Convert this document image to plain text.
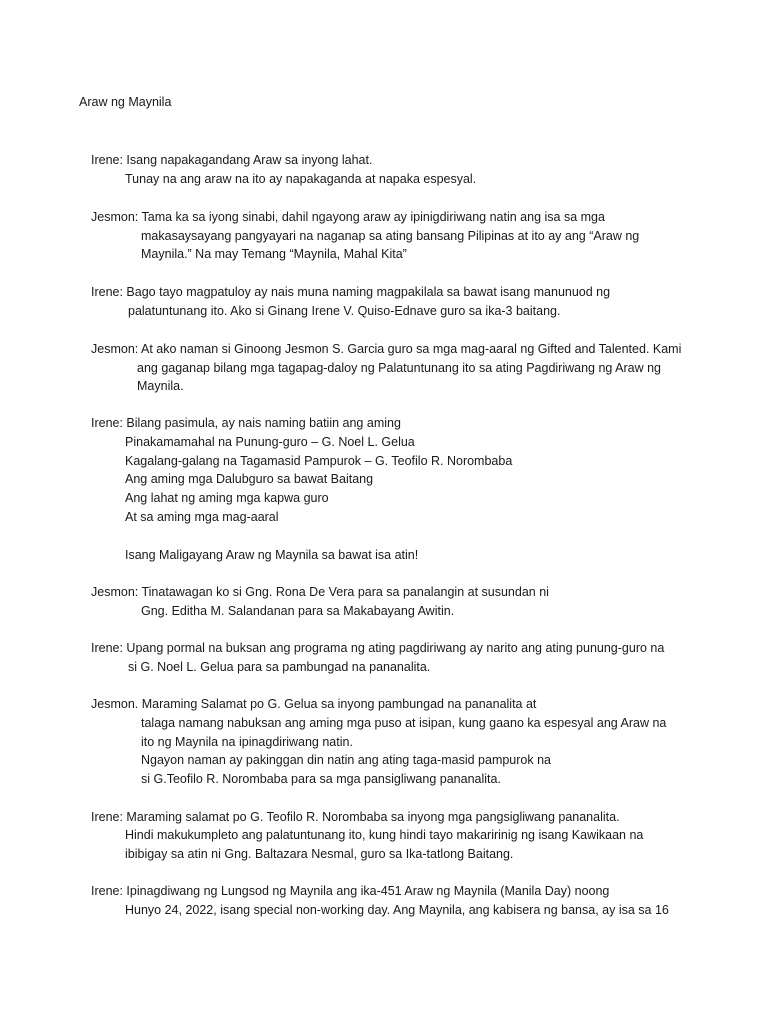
Araw ng Maynila
Irene: Isang napakagandang Araw sa inyong lahat.
Tunay na ang araw na ito ay napakaganda at napaka espesyal.
Jesmon: Tama ka sa iyong sinabi, dahil ngayong araw ay ipinigdiriwang natin ang isa sa mga
makasaysayang pangyayari na naganap sa ating bansang Pilipinas at ito ay ang “Araw ng
Maynila.” Na may Temang “Maynila, Mahal Kita”
Irene: Bago tayo magpatuloy ay nais muna naming magpakilala sa bawat isang manunuod ng
palatuntunang ito. Ako si Ginang Irene V. Quiso-Ednave guro sa ika-3 baitang.
Jesmon: At ako naman si Ginoong Jesmon S. Garcia guro sa mga mag-aaral ng Gifted and Talented. Kami
ang gaganap bilang mga tagapag-daloy ng Palatuntunang ito sa ating Pagdiriwang ng Araw ng
Maynila.
Irene: Bilang pasimula, ay nais naming batiin ang aming
Pinakamamahal na Punung-guro – G. Noel L. Gelua
Kagalang-galang na Tagamasid Pampurok – G. Teofilo R. Norombaba
Ang aming mga Dalubguro sa bawat Baitang
Ang lahat ng aming mga kapwa guro
At sa aming mga mag-aaral
Isang Maligayang Araw ng Maynila sa bawat isa atin!
Jesmon: Tinatawagan ko si Gng. Rona De Vera para sa panalangin at susundan ni
Gng. Editha M. Salandanan para sa Makabayang Awitin.
Irene: Upang pormal na buksan ang programa ng ating pagdiriwang ay narito ang ating punung-guro na
si G. Noel L. Gelua para sa pambungad na pananalita.
Jesmon. Maraming Salamat po G. Gelua sa inyong pambungad na pananalita at
talaga namang nabuksan ang aming mga puso at isipan, kung gaano ka espesyal ang Araw na
ito ng Maynila na ipinagdiriwang natin.
Ngayon naman ay pakinggan din natin ang ating taga-masid pampurok na
si G.Teofilo R. Norombaba para sa mga pansigliwang pananalita.
Irene: Maraming salamat po G. Teofilo R. Norombaba sa inyong mga pangsigliwang pananalita.
Hindi makukumpleto ang palatuntunang ito, kung hindi tayo makaririnig ng isang Kawikaan na
ibibigay sa atin ni Gng. Baltazara Nesmal, guro sa Ika-tatlong Baitang.
Irene: Ipinagdiwang ng Lungsod ng Maynila ang ika-451 Araw ng Maynila (Manila Day) noong
Hunyo 24, 2022, isang special non-working day. Ang Maynila, ang kabisera ng bansa, ay isa sa 16
